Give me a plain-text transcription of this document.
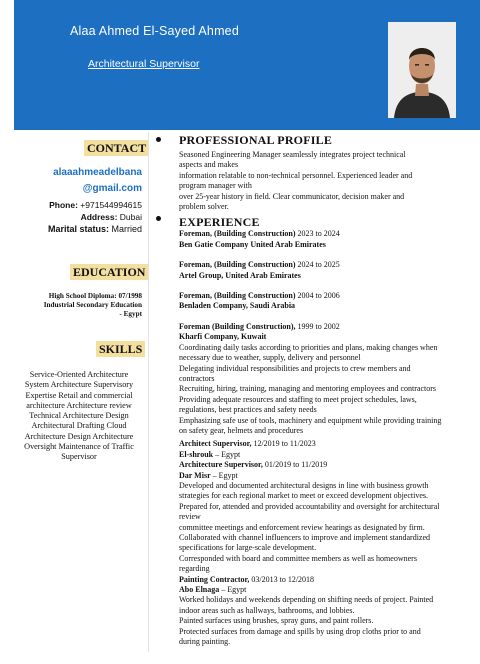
Alaa Ahmed El-Sayed Ahmed
Architectural Supervisor
CONTACT
alaaahmeadelbana
@gmail.com
Phone: +971544994615
Address: Dubai
Marital status: Married
EDUCATION
High School Diploma: 07/1998
Industrial Secondary Education
- Egypt
SKILLS
Service-Oriented Architecture
System Architecture Supervisory
Expertise Retail and commercial
architecture Architecture review
Technical Architecture Design
Architectural Drafting Cloud
Architecture Design Architecture
Oversight Maintenance of Traffic
Supervisor
PROFESSIONAL PROFILE
Seasoned Engineering Manager seamlessly integrates project technical
aspects and makes
information relatable to non-technical personnel. Experienced leader and
program manager with
over 25-year history in field. Clear communicator, decision maker and
problem solver.
EXPERIENCE
Foreman, (Building Construction) 2023 to 2024
Ben Gatie Company United Arab Emirates
Foreman, (Building Construction) 2024 to 2025
Artel Group, United Arab Emirates
Foreman, (Building Construction) 2004 to 2006
Benladen Company, Saudi Arabia
Foreman (Building Construction), 1999 to 2002
Kharfi Company, Kuwait
Coordinating daily tasks according to priorities and plans, making changes when
necessary due to weather, supply, delivery and personnel
Delegating individual responsibilities and projects to crew members and
contractors
Recruiting, hiring, training, managing and mentoring employees and contractors
Providing adequate resources and staffing to meet project schedules, laws,
regulations, best practices and safety needs
Emphasizing safe use of tools, machinery and equipment while providing training
on safety gear, helmets and procedures
Architect Supervisor, 12/2019 to 11/2023
El-shrouk – Egypt
Architecture Supervisor, 01/2019 to 11/2019
Dar Misr – Egypt
Developed and documented architectural designs in line with business growth
strategies for each regional market to meet or exceed development objectives.
Prepared for, attended and provided accountability and oversight for architectural
review
committee meetings and enforcement review hearings as designated by firm.
Collaborated with channel influencers to improve and implement standardized
specifications for large-scale development.
Corresponded with board and committee members as well as homeowners
regarding
Painting Contractor, 03/2013 to 12/2018
Abo Elnaga – Egypt
Worked holidays and weekends depending on shifting needs of project. Painted
indoor areas such as hallways, bathrooms, and lobbies.
Painted surfaces using brushes, spray guns, and paint rollers.
Protected surfaces from damage and spills by using drop cloths prior to and
during painting.
